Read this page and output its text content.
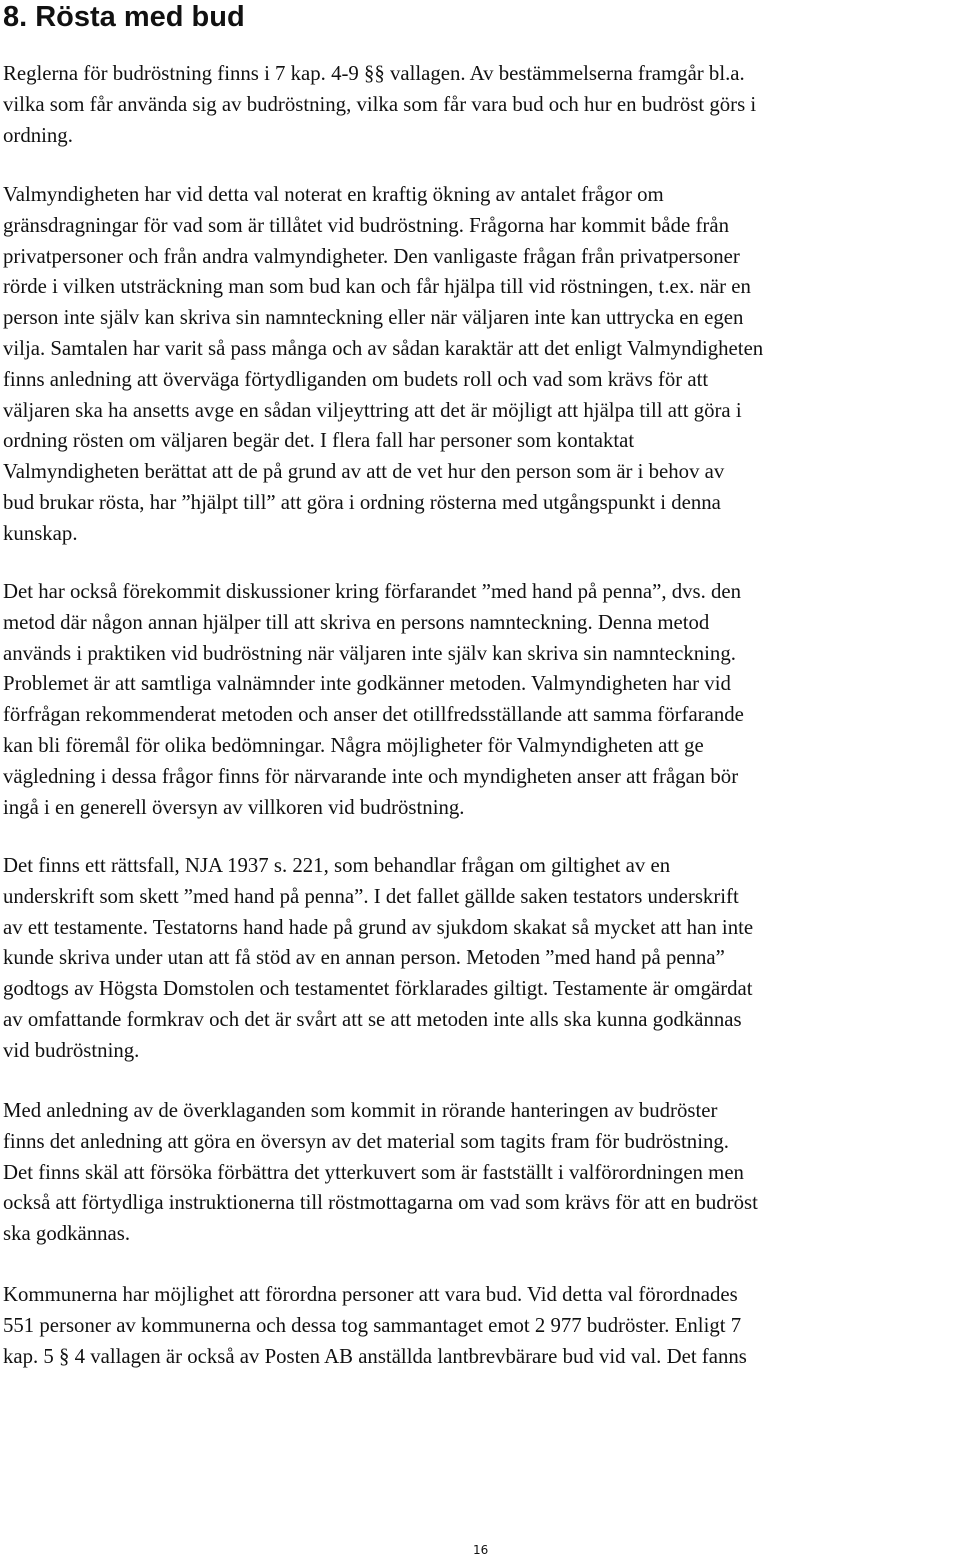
8. Rösta med bud

Reglerna för budröstning finns i 7 kap. 4-9 §§ vallagen. Av bestämmelserna framgår bl.a.
vilka som får använda sig av budröstning, vilka som får vara bud och hur en budröst görs i
ordning.

Valmyndigheten har vid detta val noterat en kraftig ökning av antalet frågor om
gränsdragningar för vad som är tillåtet vid budröstning. Frågorna har kommit både från
privatpersoner och från andra valmyndigheter. Den vanligaste frågan från privatpersoner
rörde i vilken utsträckning man som bud kan och får hjälpa till vid röstningen, t.ex. när en
person inte själv kan skriva sin namnteckning eller när väljaren inte kan uttrycka en egen
vilja. Samtalen har varit så pass många och av sådan karaktär att det enligt Valmyndigheten
finns anledning att överväga förtydliganden om budets roll och vad som krävs för att
väljaren ska ha ansetts avge en sådan viljeyttring att det är möjligt att hjälpa till att göra i
ordning rösten om väljaren begär det. I flera fall har personer som kontaktat
Valmyndigheten berättat att de på grund av att de vet hur den person som är i behov av
bud brukar rösta, har ”hjälpt till” att göra i ordning rösterna med utgångspunkt i denna
kunskap.

Det har också förekommit diskussioner kring förfarandet ”med hand på penna”, dvs. den
metod där någon annan hjälper till att skriva en persons namnteckning. Denna metod
används i praktiken vid budröstning när väljaren inte själv kan skriva sin namnteckning.
Problemet är att samtliga valnämnder inte godkänner metoden. Valmyndigheten har vid
förfrågan rekommenderat metoden och anser det otillfredsställande att samma förfarande
kan bli föremål för olika bedömningar. Några möjligheter för Valmyndigheten att ge
vägledning i dessa frågor finns för närvarande inte och myndigheten anser att frågan bör
ingå i en generell översyn av villkoren vid budröstning.

Det finns ett rättsfall, NJA 1937 s. 221, som behandlar frågan om giltighet av en
underskrift som skett ”med hand på penna”. I det fallet gällde saken testators underskrift
av ett testamente. Testatorns hand hade på grund av sjukdom skakat så mycket att han inte
kunde skriva under utan att få stöd av en annan person. Metoden ”med hand på penna”
godtogs av Högsta Domstolen och testamentet förklarades giltigt. Testamente är omgärdat
av omfattande formkrav och det är svårt att se att metoden inte alls ska kunna godkännas
vid budröstning.

Med anledning av de överklaganden som kommit in rörande hanteringen av budröster
finns det anledning att göra en översyn av det material som tagits fram för budröstning.
Det finns skäl att försöka förbättra det ytterkuvert som är fastställt i valförordningen men
också att förtydliga instruktionerna till röstmottagarna om vad som krävs för att en budröst
ska godkännas.

Kommunerna har möjlighet att förordna personer att vara bud. Vid detta val förordnades
551 personer av kommunerna och dessa tog sammantaget emot 2 977 budröster. Enligt 7
kap. 5 § 4 vallagen är också av Posten AB anställda lantbrevbärare bud vid val. Det fanns

16
